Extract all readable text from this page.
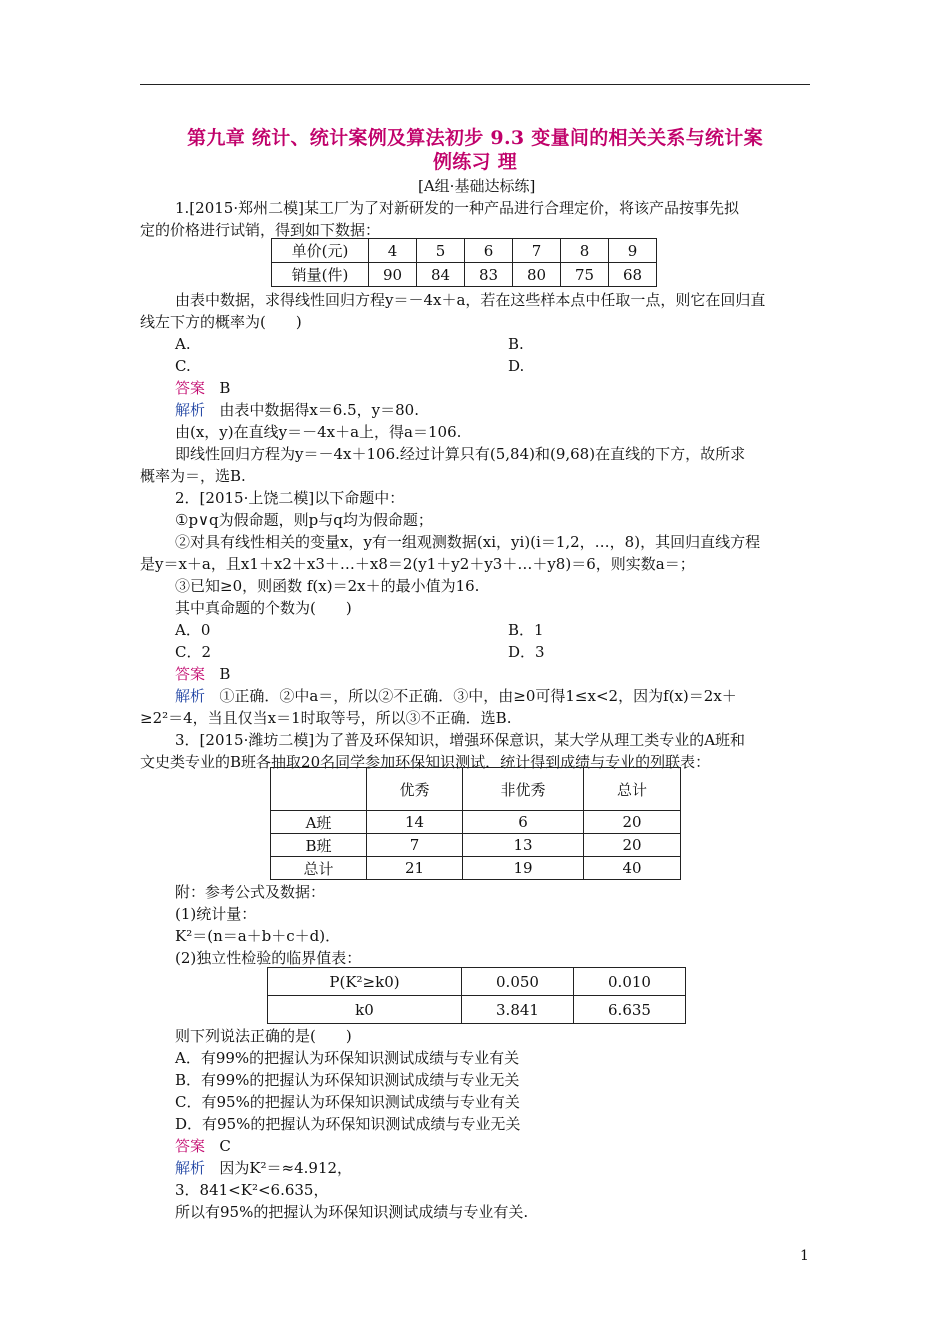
第九章 统计、统计案例及算法初步 9.3 变量间的相关关系与统计案
例练习 理
[A组·基础达标练]
1.[2015·郑州二模]某工厂为了对新研发的一种产品进行合理定价，将该产品按事先拟
定的价格进行试销，得到如下数据：
单价(元)	4	5	6	7	8	9
销量(件)	90	84	83	80	75	68
由表中数据，求得线性回归方程y＝－4x＋a，若在这些样本点中任取一点，则它在回归直
线左下方的概率为(　　)
A.	B.
C.	D.
答案 B
解析 由表中数据得x＝6.5，y＝80.
由(x，y)在直线y＝－4x＋a上，得a＝106.
即线性回归方程为y＝－4x＋106.经过计算只有(5,84)和(9,68)在直线的下方，故所求
概率为＝，选B.
2．[2015·上饶二模]以下命题中：
①p∨q为假命题，则p与q均为假命题；
②对具有线性相关的变量x，y有一组观测数据(xi，yi)(i＝1,2，…，8)，其回归直线方程
是y＝x＋a，且x1＋x2＋x3＋…＋x8＝2(y1＋y2＋y3＋…＋y8)＝6，则实数a＝；
③已知≥0，则函数 f(x)＝2x＋的最小值为16.
其中真命题的个数为(　　)
A．0	B．1
C．2	D．3
答案 B
解析 ①正确．②中a＝，所以②不正确．③中，由≥0可得1≤x<2，因为f(x)＝2x＋
≥2²＝4，当且仅当x＝1时取等号，所以③不正确．选B.
3．[2015·潍坊二模]为了普及环保知识，增强环保意识，某大学从理工类专业的A班和
文史类专业的B班各抽取20名同学参加环保知识测试．统计得到成绩与专业的列联表：
	优秀	非优秀	总计
A班	14	6	20
B班	7	13	20
总计	21	19	40
附：参考公式及数据：
(1)统计量：
K²＝(n＝a＋b＋c＋d)．
(2)独立性检验的临界值表：
P(K²≥k0)	0.050	0.010
k0	3.841	6.635
则下列说法正确的是(　　)
A．有99%的把握认为环保知识测试成绩与专业有关
B．有99%的把握认为环保知识测试成绩与专业无关
C．有95%的把握认为环保知识测试成绩与专业有关
D．有95%的把握认为环保知识测试成绩与专业无关
答案 C
解析 因为K²＝≈4.912，
3．841<K²<6.635，
所以有95%的把握认为环保知识测试成绩与专业有关.
1
